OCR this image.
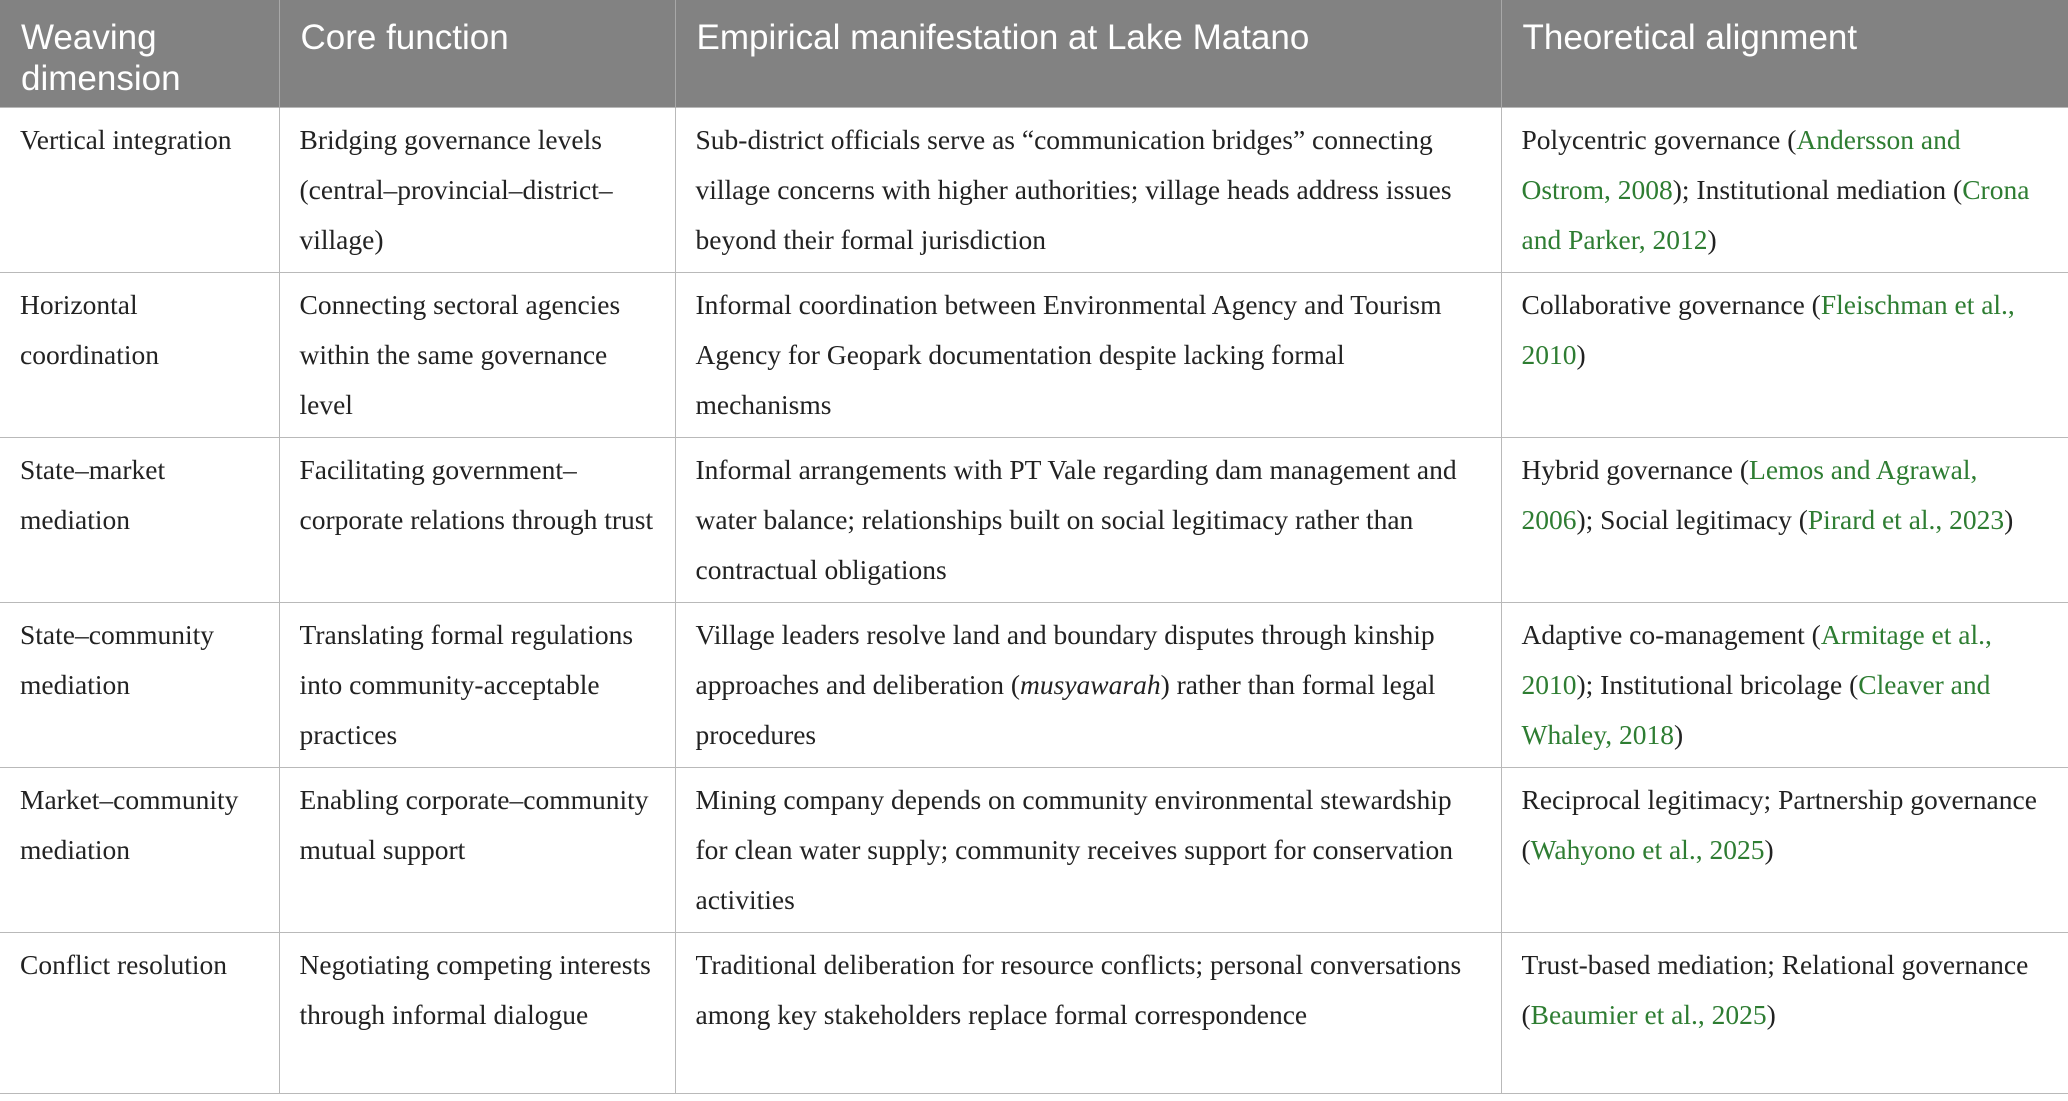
Weaving dimension	Core function	Empirical manifestation at Lake Matano	Theoretical alignment
Vertical integration	Bridging governance levels (central–provincial–district–village)	Sub-district officials serve as “communication bridges” connecting village concerns with higher authorities; village heads address issues beyond their formal jurisdiction	Polycentric governance (Andersson and Ostrom, 2008); Institutional mediation (Crona and Parker, 2012)
Horizontal coordination	Connecting sectoral agencies within the same governance level	Informal coordination between Environmental Agency and Tourism Agency for Geopark documentation despite lacking formal mechanisms	Collaborative governance (Fleischman et al., 2010)
State–market mediation	Facilitating government–corporate relations through trust	Informal arrangements with PT Vale regarding dam management and water balance; relationships built on social legitimacy rather than contractual obligations	Hybrid governance (Lemos and Agrawal, 2006); Social legitimacy (Pirard et al., 2023)
State–community mediation	Translating formal regulations into community-acceptable practices	Village leaders resolve land and boundary disputes through kinship approaches and deliberation (musyawarah) rather than formal legal procedures	Adaptive co-management (Armitage et al., 2010); Institutional bricolage (Cleaver and Whaley, 2018)
Market–community mediation	Enabling corporate–community mutual support	Mining company depends on community environmental stewardship for clean water supply; community receives support for conservation activities	Reciprocal legitimacy; Partnership governance (Wahyono et al., 2025)
Conflict resolution	Negotiating competing interests through informal dialogue	Traditional deliberation for resource conflicts; personal conversations among key stakeholders replace formal correspondence	Trust-based mediation; Relational governance (Beaumier et al., 2025)
